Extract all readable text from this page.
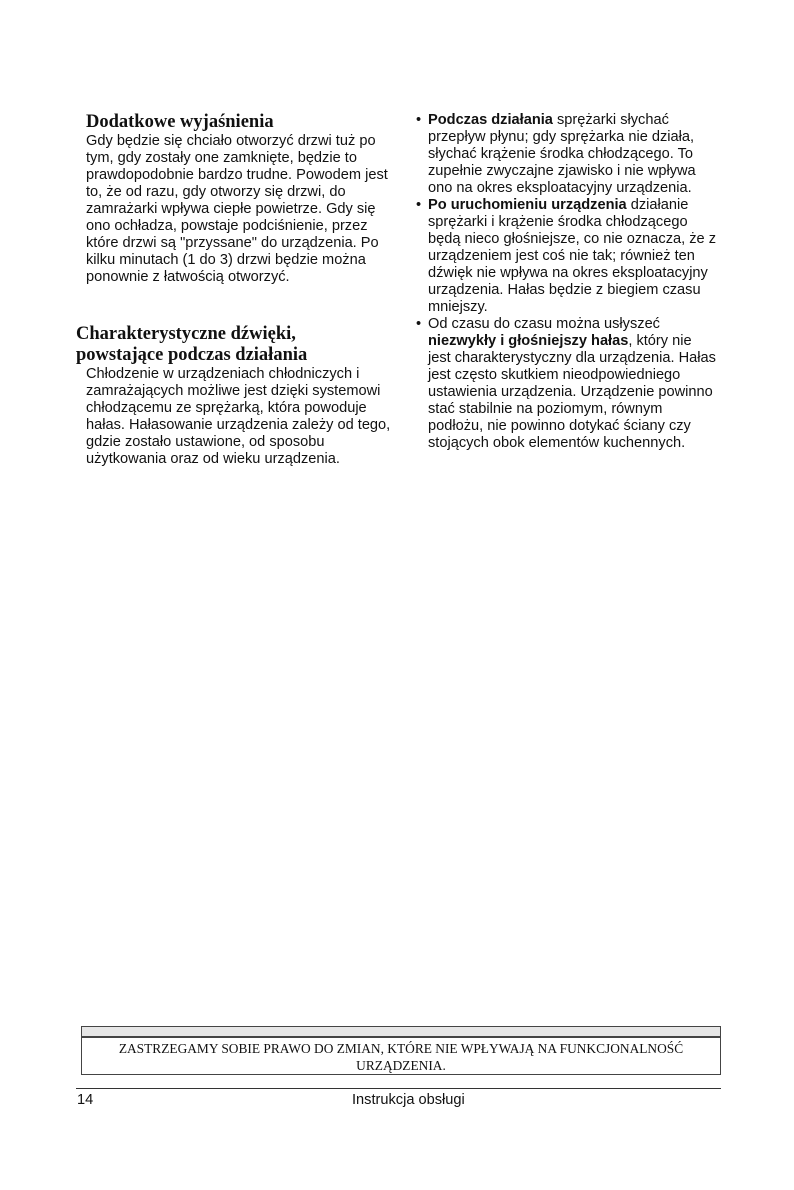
Dodatkowe wyjaśnienia

Gdy będzie się chciało otworzyć drzwi tuż po tym, gdy zostały one zamknięte, będzie to prawdopodobnie bardzo trudne. Powodem jest to, że od razu, gdy otworzy się drzwi, do zamrażarki wpływa ciepłe powietrze. Gdy się ono ochładza, powstaje podciśnienie, przez które drzwi są "przyssane" do urządzenia. Po kilku minutach (1 do 3) drzwi będzie można ponownie z łatwością otworzyć.

Charakterystyczne dźwięki,
powstające podczas działania

Chłodzenie w urządzeniach chłodniczych i zamrażających możliwe jest dzięki systemowi chłodzącemu ze sprężarką, która powoduje hałas. Hałasowanie urządzenia zależy od tego, gdzie zostało ustawione, od sposobu użytkowania oraz od wieku urządzenia.

• Podczas działania sprężarki słychać przepływ płynu; gdy sprężarka nie działa, słychać krążenie środka chłodzącego. To zupełnie zwyczajne zjawisko i nie wpływa ono na okres eksploatacyjny urządzenia.
• Po uruchomieniu urządzenia działanie sprężarki i krążenie środka chłodzącego będą nieco głośniejsze, co nie oznacza, że z urządzeniem jest coś nie tak; również ten dźwięk nie wpływa na okres eksploatacyjny urządzenia. Hałas będzie z biegiem czasu mniejszy.
• Od czasu do czasu można usłyszeć niezwykły i głośniejszy hałas, który nie jest charakterystyczny dla urządzenia. Hałas jest często skutkiem nieodpowiedniego ustawienia urządzenia. Urządzenie powinno stać stabilnie na poziomym, równym podłożu, nie powinno dotykać ściany czy stojących obok elementów kuchennych.
ZASTRZEGAMY SOBIE PRAWO DO ZMIAN, KTÓRE NIE WPŁYWAJĄ NA FUNKCJONALNOŚĆ
URZĄDZENIA.
14	Instrukcja obsługi
